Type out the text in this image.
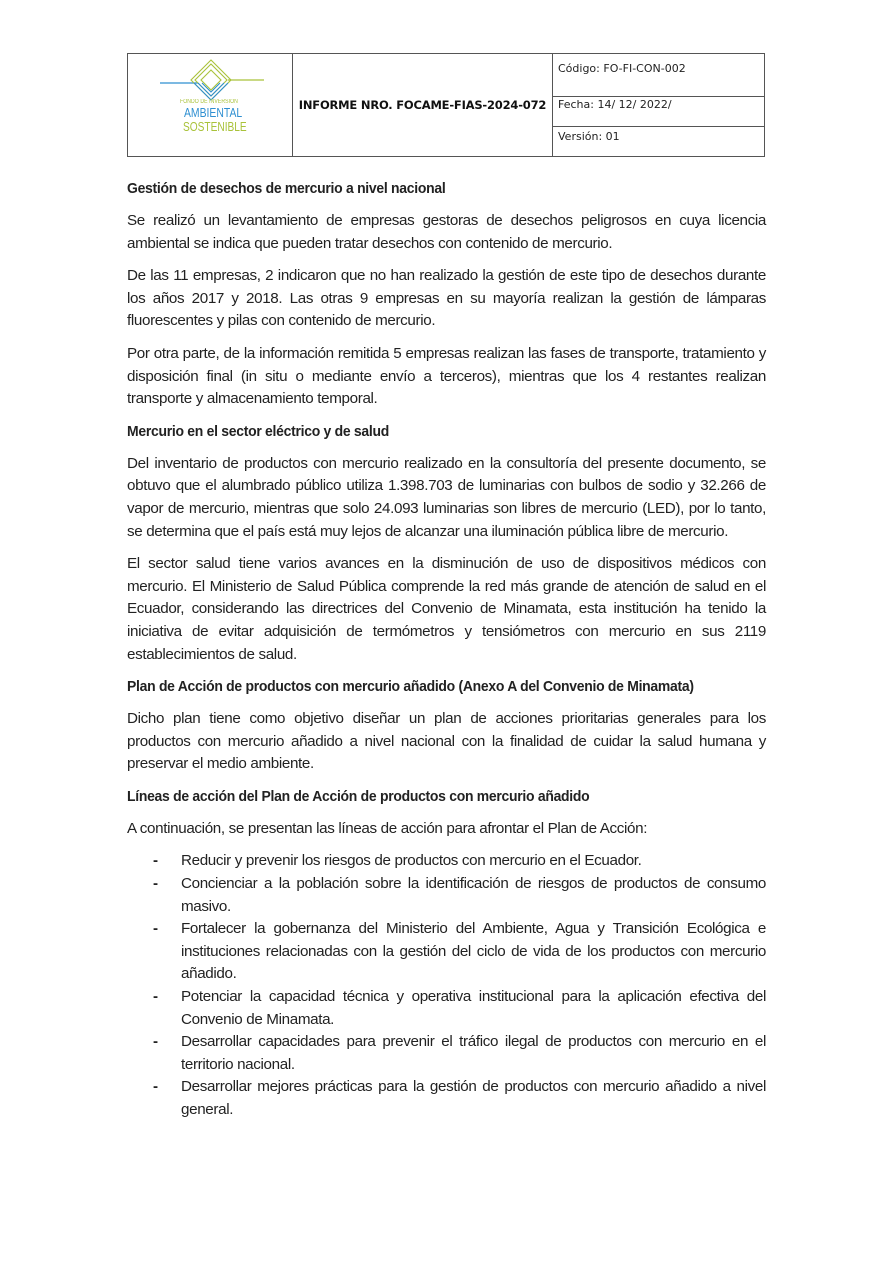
FONDO DE INVERSION
AMBIENTAL
SOSTENIBLE
INFORME NRO. FOCAME-FIAS-2024-072
Código: FO-FI-CON-002
Fecha: 14/ 12/ 2022/
Versión: 01
Gestión de desechos de mercurio a nivel nacional

Se realizó un levantamiento de empresas gestoras de desechos peligrosos en cuya licencia ambiental se indica que pueden tratar desechos con contenido de mercurio.

De las 11 empresas, 2 indicaron que no han realizado la gestión de este tipo de desechos durante los años 2017 y 2018. Las otras 9 empresas en su mayoría realizan la gestión de lámparas fluorescentes y pilas con contenido de mercurio.

Por otra parte, de la información remitida 5 empresas realizan las fases de transporte, tratamiento y disposición final (in situ o mediante envío a terceros), mientras que los 4 restantes realizan transporte y almacenamiento temporal.

Mercurio en el sector eléctrico y de salud

Del inventario de productos con mercurio realizado en la consultoría del presente documento, se obtuvo que el alumbrado público utiliza 1.398.703 de luminarias con bulbos de sodio y 32.266 de vapor de mercurio, mientras que solo 24.093 luminarias son libres de mercurio (LED), por lo tanto, se determina que el país está muy lejos de alcanzar una iluminación pública libre de mercurio.

El sector salud tiene varios avances en la disminución de uso de dispositivos médicos con mercurio. El Ministerio de Salud Pública comprende la red más grande de atención de salud en el Ecuador, considerando las directrices del Convenio de Minamata, esta institución ha tenido la iniciativa de evitar adquisición de termómetros y tensiómetros con mercurio en sus 2119 establecimientos de salud.

Plan de Acción de productos con mercurio añadido (Anexo A del Convenio de Minamata)

Dicho plan tiene como objetivo diseñar un plan de acciones prioritarias generales para los productos con mercurio añadido a nivel nacional con la finalidad de cuidar la salud humana y preservar el medio ambiente.

Líneas de acción del Plan de Acción de productos con mercurio añadido

A continuación, se presentan las líneas de acción para afrontar el Plan de Acción:

- Reducir y prevenir los riesgos de productos con mercurio en el Ecuador.
- Concienciar a la población sobre la identificación de riesgos de productos de consumo masivo.
- Fortalecer la gobernanza del Ministerio del Ambiente, Agua y Transición Ecológica e instituciones relacionadas con la gestión del ciclo de vida de los productos con mercurio añadido.
- Potenciar la capacidad técnica y operativa institucional para la aplicación efectiva del Convenio de Minamata.
- Desarrollar capacidades para prevenir el tráfico ilegal de productos con mercurio en el territorio nacional.
- Desarrollar mejores prácticas para la gestión de productos con mercurio añadido a nivel general.
